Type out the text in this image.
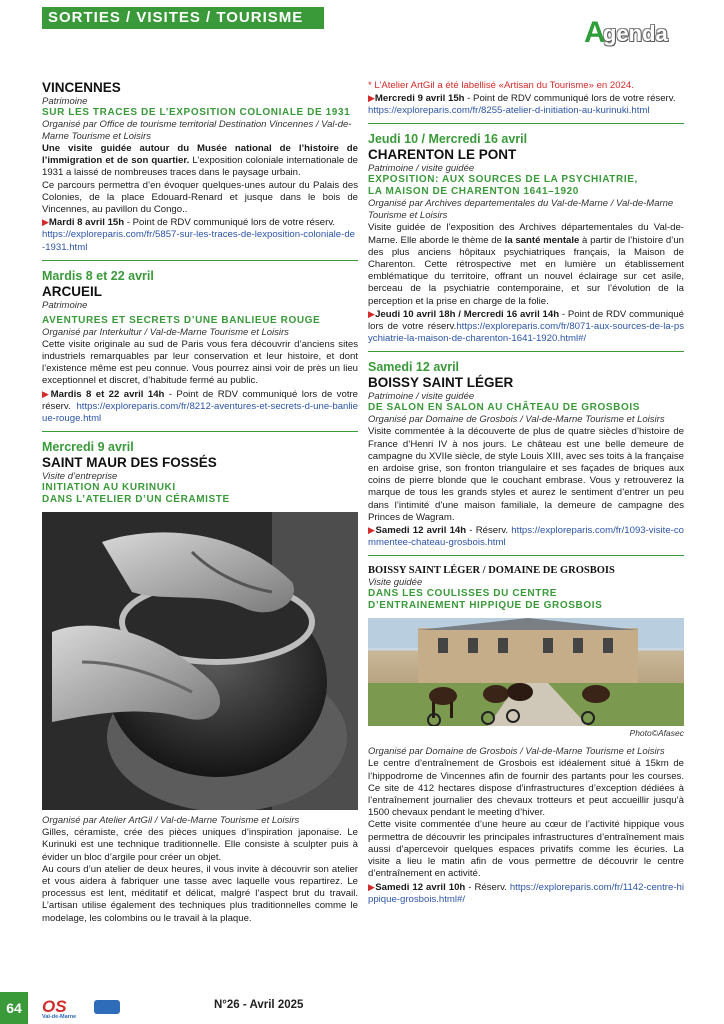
SORTIES / VISITES / TOURISME	A
genda
VINCENNES
Patrimoine
SUR LES TRACES DE L’EXPOSITION COLONIALE DE 1931
Organisé par Office de tourisme territorial Destination Vincennes / Val-de-Marne Tourisme et Loisirs

Une visite guidée autour du Musée national de l’histoire de l’immigration et de son quartier. L’exposition coloniale internationale de 1931 a laissé de nombreuses traces dans le paysage urbain.

Ce parcours permettra d’en évoquer quelques-unes autour du Palais des Colonies, de la place Edouard-Renard et jusque dans le bois de Vincennes, au pavillon du Congo..

▶Mardi 8 avril 15h - Point de RDV communiqué lors de votre réserv.
https://exploreparis.com/fr/5857-sur-les-traces-de-lexposition-coloniale-de-1931.html
Mardis 8 et 22 avril
ARCUEIL
Patrimoine
AVENTURES ET SECRETS D’UNE BANLIEUE ROUGE
Organisé par Interkultur / Val-de-Marne Tourisme et Loisirs

Cette visite originale au sud de Paris vous fera découvrir d’anciens sites industriels remarquables par leur conservation et leur histoire, et dont l’existence même est peu connue. Vous pourrez ainsi voir de près un lieu exceptionnel et discret, d’habitude fermé au public.

▶Mardis 8 et 22 avril 14h - Point de RDV communiqué lors de votre réserv. https://exploreparis.com/fr/8212-aventures-et-secrets-d-une-banlieue-rouge.html
Mercredi 9 avril
SAINT MAUR DES FOSSÉS
Visite d’entreprise
INITIATION AU KURINUKI
DANS L’ATELIER D’UN CÉRAMISTE
Organisé par Atelier ArtGil / Val-de-Marne Tourisme et Loisirs

Gilles, céramiste, crée des pièces uniques d’inspiration japonaise. Le Kurinuki est une technique traditionnelle. Elle consiste à sculpter puis à évider un bloc d’argile pour créer un objet.

Au cours d’un atelier de deux heures, il vous invite à découvrir son atelier et vous aidera à fabriquer une tasse avec laquelle vous repartirez. Le processus est lent, méditatif et délicat, malgré l’aspect brut du travail. L’artisan utilise également des techniques plus traditionnelles comme le modelage, les colombins ou le travail à la plaque.

* L’Atelier ArtGil a été labellisé «Artisan du Tourisme» en 2024.
▶Mercredi 9 avril 15h - Point de RDV communiqué lors de votre réserv.
https://exploreparis.com/fr/8255-atelier-d-initiation-au-kurinuki.html
Jeudi 10 / Mercredi 16 avril
CHARENTON LE PONT
Patrimoine / visite guidée
EXPOSITION: AUX SOURCES DE LA PSYCHIATRIE,
LA MAISON DE CHARENTON 1641–1920
Organisé par Archives departementales du Val-de-Marne / Val-de-Marne Tourisme et Loisirs

Visite guidée de l’exposition des Archives départementales du Val-de-Marne. Elle aborde le thème de la santé mentale à partir de l’histoire d’un des plus anciens hôpitaux psychiatriques français, la Maison de Charenton. Cette rétrospective met en lumière un établissement emblématique du territoire, offrant un nouvel éclairage sur cet asile, berceau de la psychiatrie contemporaine, et sur l’évolution de la perception et la prise en charge de la folie.

▶Jeudi 10 avril 18h / Mercredi 16 avril 14h - Point de RDV communiqué lors de votre réserv.https://exploreparis.com/fr/8071-aux-sources-de-la-psychiatrie-la-maison-de-charenton-1641-1920.html#/
Samedi 12 avril
BOISSY SAINT LÉGER
Patrimoine / visite guidée
DE SALON EN SALON AU CHÂTEAU DE GROSBOIS
Organisé par Domaine de Grosbois / Val-de-Marne Tourisme et Loisirs

Visite commentée à la découverte de plus de quatre siècles d’histoire de France d’Henri IV à nos jours. Le château est une belle demeure de campagne du XVIIe siècle, de style Louis XIII, avec ses toits à la française en ardoise grise, son fronton triangulaire et ses façades de briques aux coins de pierre blonde que le couchant embrase. Vous y retrouverez la marque de tous les grands styles et aurez le sentiment d’entrer un peu dans l’intimité d’une maison familiale, la demeure de campagne des Princes de Wagram.

▶Samedi 12 avril 14h - Réserv. https://exploreparis.com/fr/1093-visite-commentee-chateau-grosbois.html
BOISSY SAINT LÉGER / DOMAINE DE GROSBOIS
Visite guidée
DANS LES COULISSES DU CENTRE
D’ENTRAINEMENT HIPPIQUE DE GROSBOIS
Photo©Afasec
Organisé par Domaine de Grosbois / Val-de-Marne Tourisme et Loisirs

Le centre d’entraînement de Grosbois est idéalement situé à 15km de l’hippodrome de Vincennes afin de fournir des partants pour les courses. Ce site de 412 hectares dispose d’infrastructures d’exception dédiées à l’entraînement journalier des chevaux trotteurs et peut accueillir jusqu’à 1500 chevaux pendant le meeting d’hiver.

Cette visite commentée d’une heure au cœur de l’activité hippique vous permettra de découvrir les principales infrastructures d’entraînement mais aussi d’apercevoir quelques espaces privatifs comme les écuries. La visite a lieu le matin afin de vous permettre de découvrir le centre d’entraînement en activité.

▶Samedi 12 avril 10h - Réserv. https://exploreparis.com/fr/1142-centre-hippique-grosbois.html#/
64	OS
Val-de-Marne
N°26 - Avril 2025
